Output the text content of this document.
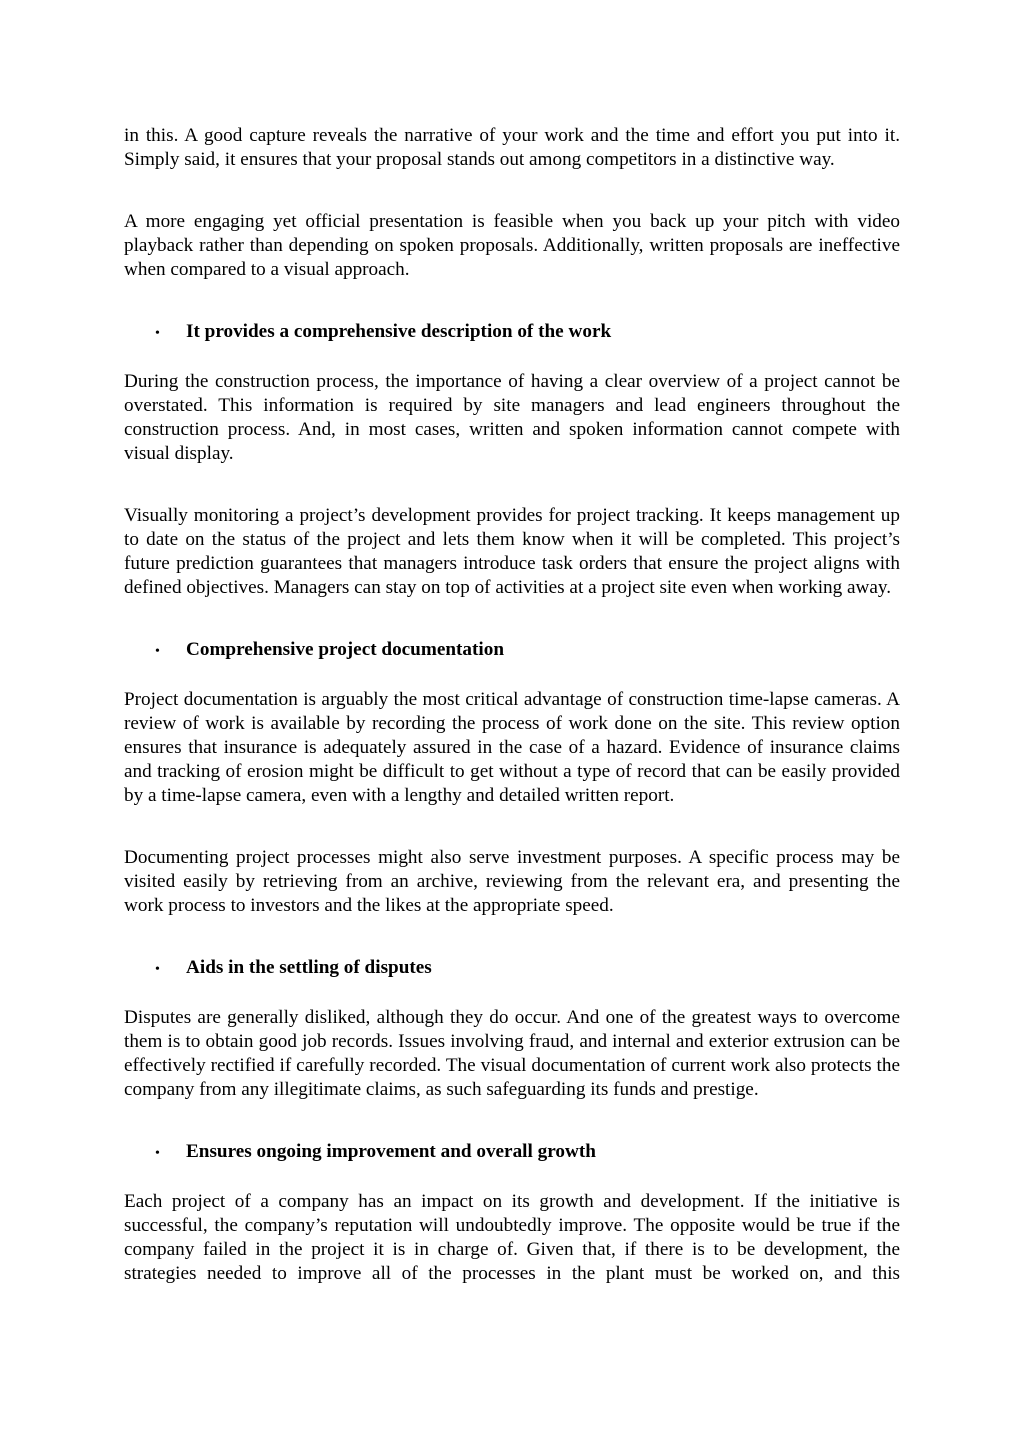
in this. A good capture reveals the narrative of your work and the time and effort you put into it. Simply said, it ensures that your proposal stands out among competitors in a distinctive way.

A more engaging yet official presentation is feasible when you back up your pitch with video playback rather than depending on spoken proposals. Additionally, written proposals are ineffective when compared to a visual approach.

•	It provides a comprehensive description of the work

During the construction process, the importance of having a clear overview of a project cannot be overstated. This information is required by site managers and lead engineers throughout the construction process. And, in most cases, written and spoken information cannot compete with visual display.

Visually monitoring a project’s development provides for project tracking. It keeps management up to date on the status of the project and lets them know when it will be completed. This project’s future prediction guarantees that managers introduce task orders that ensure the project aligns with defined objectives. Managers can stay on top of activities at a project site even when working away.

•	Comprehensive project documentation

Project documentation is arguably the most critical advantage of construction time-lapse cameras. A review of work is available by recording the process of work done on the site. This review option ensures that insurance is adequately assured in the case of a hazard. Evidence of insurance claims and tracking of erosion might be difficult to get without a type of record that can be easily provided by a time-lapse camera, even with a lengthy and detailed written report.

Documenting project processes might also serve investment purposes. A specific process may be visited easily by retrieving from an archive, reviewing from the relevant era, and presenting the work process to investors and the likes at the appropriate speed.

•	Aids in the settling of disputes

Disputes are generally disliked, although they do occur. And one of the greatest ways to overcome them is to obtain good job records. Issues involving fraud, and internal and exterior extrusion can be effectively rectified if carefully recorded. The visual documentation of current work also protects the company from any illegitimate claims, as such safeguarding its funds and prestige.

•	Ensures ongoing improvement and overall growth

Each project of a company has an impact on its growth and development. If the initiative is successful, the company’s reputation will undoubtedly improve. The opposite would be true if the company failed in the project it is in charge of. Given that, if there is to be development, the strategies needed to improve all of the processes in the plant must be worked on, and this
